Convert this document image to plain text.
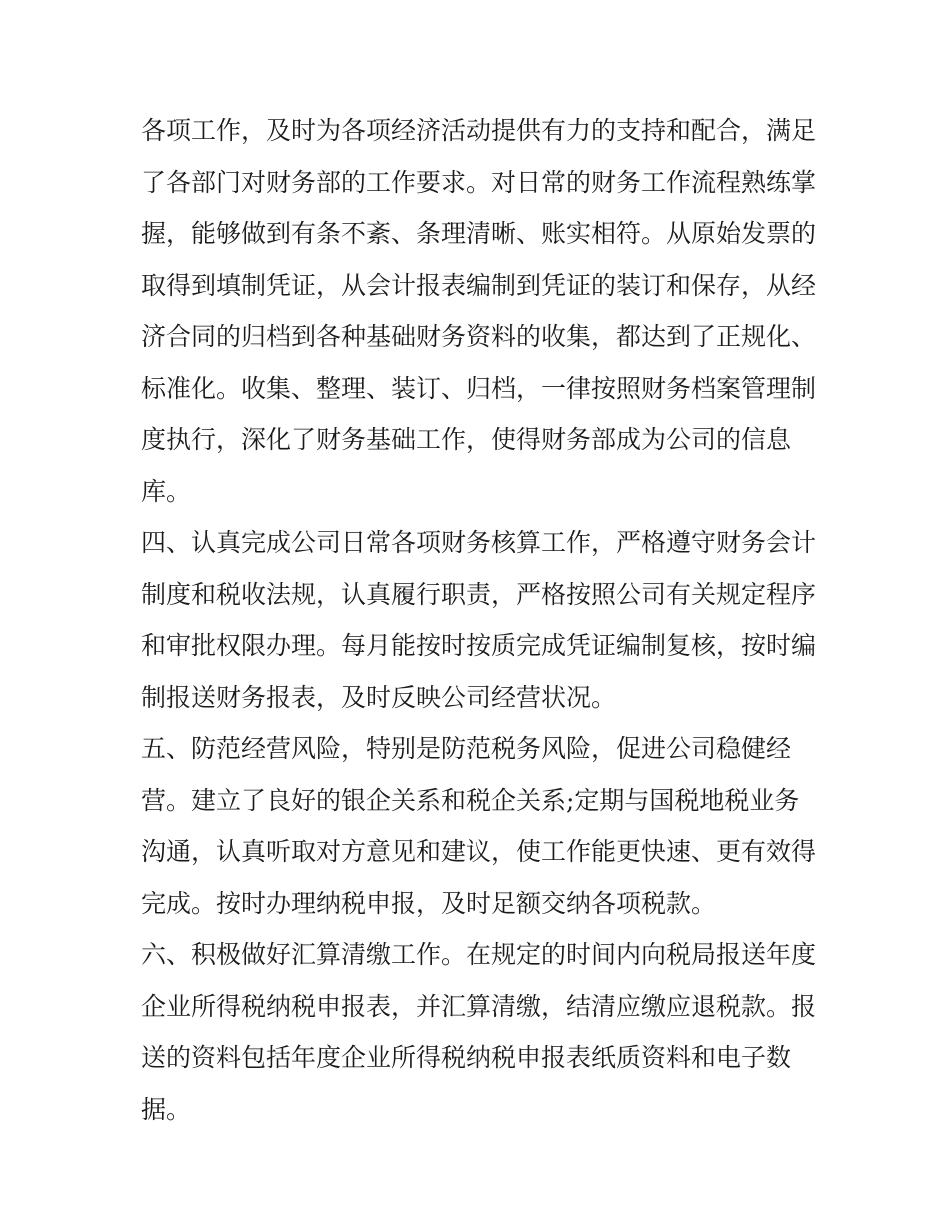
各项工作，及时为各项经济活动提供有力的支持和配合，满足
了各部门对财务部的工作要求。对日常的财务工作流程熟练掌
握，能够做到有条不紊、条理清晰、账实相符。从原始发票的
取得到填制凭证，从会计报表编制到凭证的装订和保存，从经
济合同的归档到各种基础财务资料的收集，都达到了正规化、
标准化。收集、整理、装订、归档，一律按照财务档案管理制
度执行，深化了财务基础工作，使得财务部成为公司的信息
库。
四、认真完成公司日常各项财务核算工作，严格遵守财务会计
制度和税收法规，认真履行职责，严格按照公司有关规定程序
和审批权限办理。每月能按时按质完成凭证编制复核，按时编
制报送财务报表，及时反映公司经营状况。
五、防范经营风险，特别是防范税务风险，促进公司稳健经
营。建立了良好的银企关系和税企关系;定期与国税地税业务
沟通，认真听取对方意见和建议，使工作能更快速、更有效得
完成。按时办理纳税申报，及时足额交纳各项税款。
六、积极做好汇算清缴工作。在规定的时间内向税局报送年度
企业所得税纳税申报表，并汇算清缴，结清应缴应退税款。报
送的资料包括年度企业所得税纳税申报表纸质资料和电子数
据。
